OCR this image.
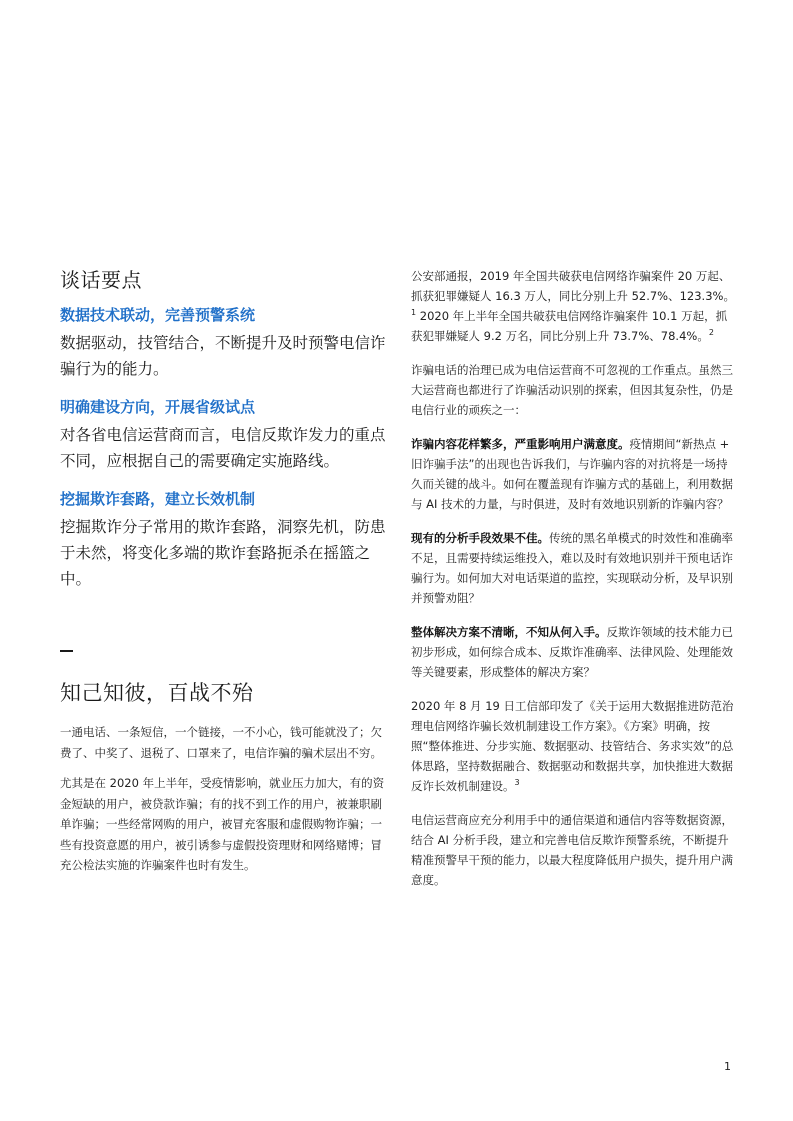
谈话要点
数据技术联动，完善预警系统

数据驱动，技管结合，不断提升及时预警电信诈骗行为的能力。

明确建设方向，开展省级试点

对各省电信运营商而言，电信反欺诈发力的重点不同，应根据自己的需要确定实施路线。

挖掘欺诈套路，建立长效机制

挖掘欺诈分子常用的欺诈套路，洞察先机，防患于未然，将变化多端的欺诈套路扼杀在摇篮之中。

知己知彼，百战不殆

一通电话、一条短信，一个链接，一不小心，钱可能就没了；欠费了、中奖了、退税了、口罩来了，电信诈骗的骗术层出不穷。

尤其是在 2020 年上半年，受疫情影响，就业压力加大，有的资金短缺的用户，被贷款诈骗；有的找不到工作的用户，被兼职刷单诈骗；一些经常网购的用户，被冒充客服和虚假购物诈骗；一些有投资意愿的用户，被引诱参与虚假投资理财和网络赌博；冒充公检法实施的诈骗案件也时有发生。

公安部通报，2019 年全国共破获电信网络诈骗案件 20 万起、抓获犯罪嫌疑人 16.3 万人，同比分别上升 52.7%、123.3%。$^1$ 2020 年上半年全国共破获电信网络诈骗案件 10.1 万起，抓获犯罪嫌疑人 9.2 万名，同比分别上升 73.7%、78.4%。$^2$

诈骗电话的治理已成为电信运营商不可忽视的工作重点。虽然三大运营商也都进行了诈骗活动识别的探索，但因其复杂性，仍是电信行业的顽疾之一：

诈骗内容花样繁多，严重影响用户满意度。疫情期间“新热点 + 旧诈骗手法”的出现也告诉我们，与诈骗内容的对抗将是一场持久而关键的战斗。如何在覆盖现有诈骗方式的基础上，利用数据与 AI 技术的力量，与时俱进，及时有效地识别新的诈骗内容？

现有的分析手段效果不佳。传统的黑名单模式的时效性和准确率不足，且需要持续运维投入，难以及时有效地识别并干预电话诈骗行为。如何加大对电话渠道的监控，实现联动分析，及早识别并预警劝阻？

整体解决方案不清晰，不知从何入手。反欺诈领域的技术能力已初步形成，如何综合成本、反欺诈准确率、法律风险、处理能效等关键要素，形成整体的解决方案？

2020 年 8 月 19 日工信部印发了《关于运用大数据推进防范治理电信网络诈骗长效机制建设工作方案》。《方案》明确，按照“整体推进、分步实施、数据驱动、技管结合、务求实效”的总体思路，坚持数据融合、数据驱动和数据共享，加快推进大数据反诈长效机制建设。$^3$

电信运营商应充分利用手中的通信渠道和通信内容等数据资源，结合 AI 分析手段，建立和完善电信反欺诈预警系统，不断提升精准预警早干预的能力，以最大程度降低用户损失，提升用户满意度。

1
